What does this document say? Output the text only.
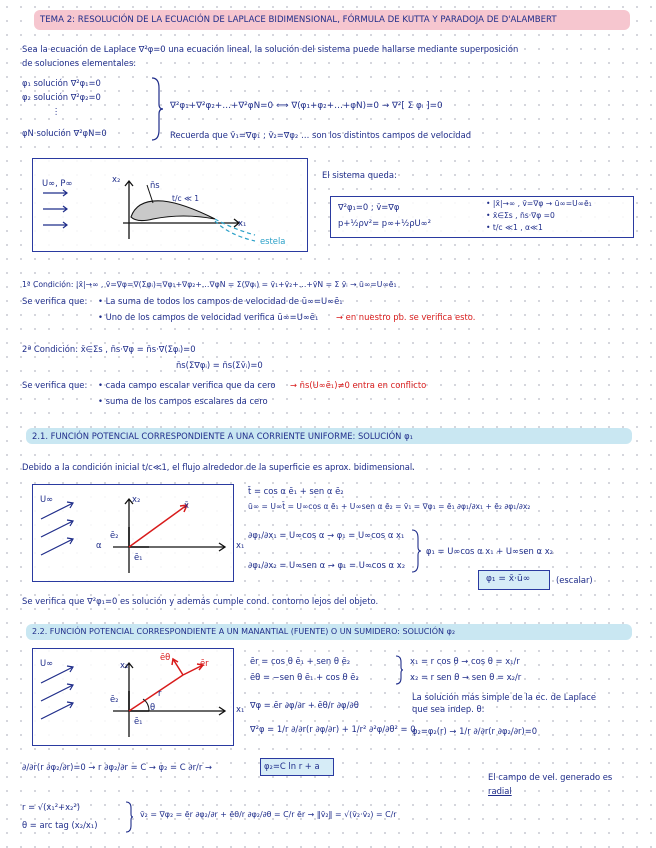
TEMA 2: RESOLUCIÓN DE LA ECUACIÓN DE LAPLACE BIDIMENSIONAL, FÓRMULA DE KUTTA Y PARADOJA DE D'ALAMBERT
Sea la ecuación de Laplace ∇²φ=0 una ecuación lineal, la solución del sistema puede hallarse mediante superposición
de soluciones elementales:
φ₁ solución ∇²φ₁=0
φ₂ solución ∇²φ₂=0
⋮
φN solución ∇²φN=0
∇²φ₁+∇²φ₂+…+∇²φN=0 ⟺ ∇(φ₁+φ₂+…+φN)=0 → ∇²[ Σ φᵢ ]=0
Recuerda que v̄₁=∇φ₁ ; v̄₂=∇φ₂ … son los distintos campos de velocidad
U∞, P∞	x₂
n̄s
t/c ≪ 1
x₁
estela
El sistema queda:
∇²φ₁=0 ; v̄=∇φ
p+½ρv²= p∞+½ρU∞²
• |x̄|→∞ , v̄=∇φ → ū∞=U∞ē₁
• x̄∈Σs , n̄s·∇φ =0
• t/c ≪1 , α≪1
1ª Condición: |x̄|→∞ , v̄=∇φ=∇(Σφᵢ)=∇φ₁+∇φ₂+…∇φN = Σ(∇φᵢ) = v̄₁+v̄₂+…+v̄N = Σ v̄ᵢ → ū∞=U∞ē₁
Se verifica que: • La suma de todos los campos de velocidad de ū∞=U∞ē₁
• Uno de los campos de velocidad verifica ū∞=U∞ē₁ → en nuestro pb. se verifica esto.
2ª Condición: x̄∈Σs , n̄s·∇φ = n̄s·∇(Σφᵢ)=0
n̄s(Σ∇φᵢ) = n̄s(Σv̄ᵢ)=0
Se verifica que: • cada campo escalar verifica que da cero → n̄s(U∞ē₁)≠0 entra en conflicto
• suma de los campos escalares da cero
2.1. FUNCIÓN POTENCIAL CORRESPONDIENTE A UNA CORRIENTE UNIFORME: SOLUCIÓN φ₁
Debido a la condición inicial t/c≪1, el flujo alrededor de la superficie es aprox. bidimensional.
U∞	x₂
x̄
ē₂
ē₁
α	x₁
t̄ = cos α ē₁ + sen α ē₂
ū∞ = U∞t̄ = U∞cos α ē₁ + U∞sen α ē₂ = v̄₁ = ∇φ₁ = ē₁ ∂φ₁/∂x₁ + ē₂ ∂φ₁/∂x₂
∂φ₁/∂x₁ = U∞cos α → φ₁ = U∞cos α x₁
∂φ₁/∂x₂ = U∞sen α → φ₁ = U∞cos α x₂
φ₁ = U∞cos α x₁ + U∞sen α x₂
φ₁ = x̄·ū∞	(escalar)
Se verifica que ∇²φ₁=0 es solución y además cumple cond. contorno lejos del objeto.
2.2. FUNCIÓN POTENCIAL CORRESPONDIENTE A UN MANANTIAL (FUENTE) O UN SUMIDERO: SOLUCIÓN φ₂
U∞	x₂
ēθ
ēr
r
ē₂
θ
ē₁
x₁
ēr = cos θ ē₁ + sen θ ē₂
ēθ = −sen θ ē₁ + cos θ ē₂
x₁ = r cos θ → cos θ = x₁/r
x₂ = r sen θ → sen θ = x₂/r
∇φ = ēr ∂φ/∂r + ēθ/r ∂φ/∂θ
∇²φ = 1/r ∂/∂r(r ∂φ/∂r) + 1/r² ∂²φ/∂θ² = 0
La solución más simple de la ec. de Laplace
que sea indep. θ:
φ₂=φ₂(r) → 1/r ∂/∂r(r ∂φ₂/∂r)=0
∂/∂r(r ∂φ₂/∂r)=0 → r ∂φ₂/∂r = C → φ₂ = C ∂r/r →	φ₂=C ln r + a
El campo de vel. generado es
radial
r = √(x₁²+x₂²)
θ = arc tag (x₂/x₁)
v̄₂ = ∇φ₂ = ēr ∂φ₂/∂r + ēθ/r ∂φ₂/∂θ = C/r ēr → ‖v̄₂‖ = √(v̄₂·v̄₂) = C/r
